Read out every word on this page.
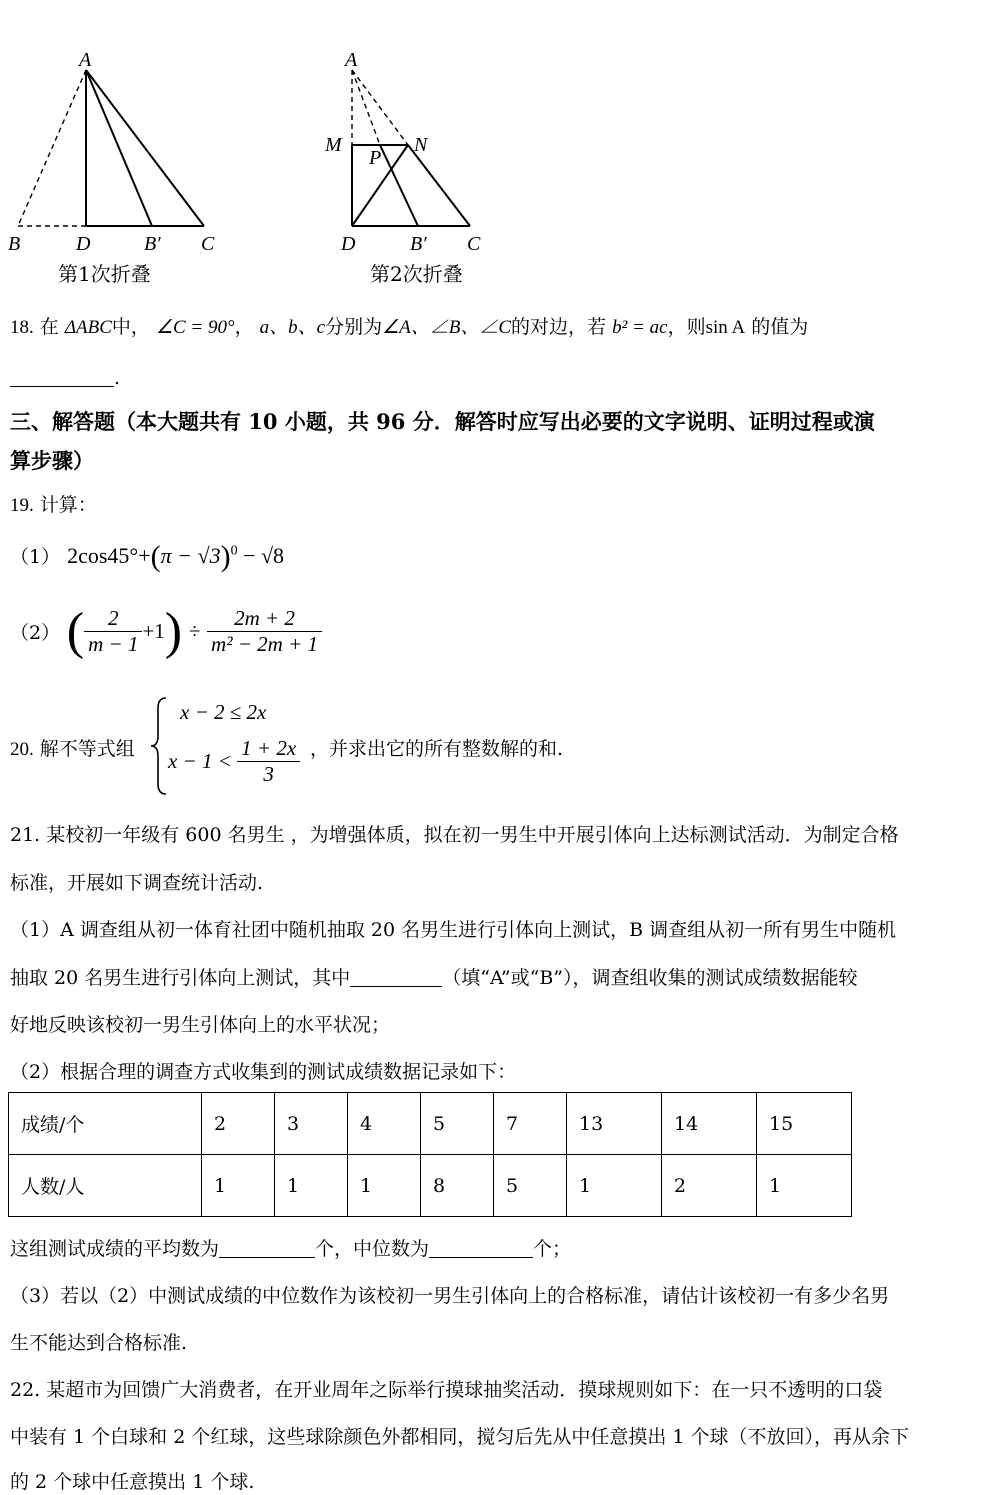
A
B	D	B′ C
第1次折叠
A
M	N
P
D	B′ C
第2次折叠
18. 在 ΔABC中， ∠C = 90°， a、b、c分别为∠A、∠B、∠C的对边，若 b² = ac，则sin A 的值为
.
三、解答题（本大题共有 10 小题，共 96 分．解答时应写出必要的文字说明、证明过程或演
算步骤）
19. 计算：
（1） $2\cos 45^\circ+(\pi - √3)^0 - √8$
（2） ( $\frac{2}{m - 1} +1) \div \frac{2m + 2}{\text{m² − 2m + 1}}$
20. 解不等式组
x − 2 ≤ 2x
$x - 1 < \frac{1 + 2x}{3}$ ，并求出它的所有整数解的和.
21. 某校初一年级有 600 名男生 ，为增强体质，拟在初一男生中开展引体向上达标测试活动．为制定合格
标准，开展如下调查统计活动.
（1）A 调查组从初一体育社团中随机抽取 20 名男生进行引体向上测试，B 调查组从初一所有男生中随机
抽取 20 名男生进行引体向上测试，其中	（填“A”或“B”），调查组收集的测试成绩数据能较
好地反映该校初一男生引体向上的水平状况；
（2）根据合理的调查方式收集到的测试成绩数据记录如下：
成绩/个	2	3	4	5	7	13	14	15
人数/人	1	1	1	8	5	1	2	1
这组测试成绩的平均数为	个，中位数为	个；
（3）若以（2）中测试成绩的中位数作为该校初一男生引体向上的合格标准，请估计该校初一有多少名男
生不能达到合格标准.
22. 某超市为回馈广大消费者，在开业周年之际举行摸球抽奖活动．摸球规则如下：在一只不透明的口袋
中装有 1 个白球和 2 个红球，这些球除颜色外都相同，搅匀后先从中任意摸出 1 个球（不放回），再从余下
的 2 个球中任意摸出 1 个球.
